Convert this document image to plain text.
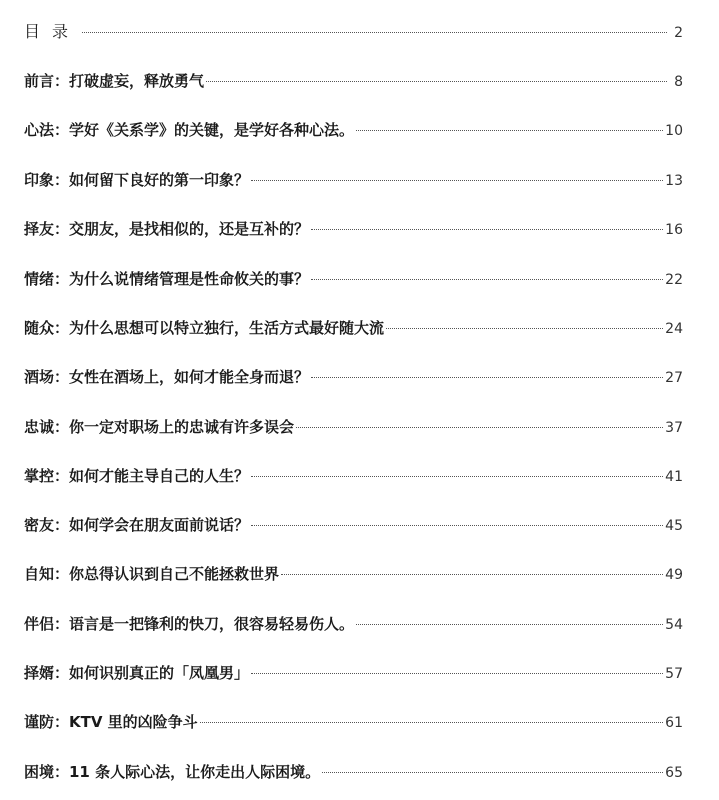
目录	2
前言：打破虚妄，释放勇气	8
心法：学好《关系学》的关键，是学好各种心法。	10
印象：如何留下良好的第一印象？	13
择友：交朋友，是找相似的，还是互补的？	16
情绪：为什么说情绪管理是性命攸关的事？	22
随众：为什么思想可以特立独行，生活方式最好随大流	24
酒场：女性在酒场上，如何才能全身而退？	27
忠诚：你一定对职场上的忠诚有许多误会	37
掌控：如何才能主导自己的人生？	41
密友：如何学会在朋友面前说话？	45
自知：你总得认识到自己不能拯救世界	49
伴侣：语言是一把锋利的快刀，很容易轻易伤人。	54
择婿：如何识别真正的「凤凰男」	57
谨防：KTV 里的凶险争斗	61
困境：11 条人际心法，让你走出人际困境。	65
